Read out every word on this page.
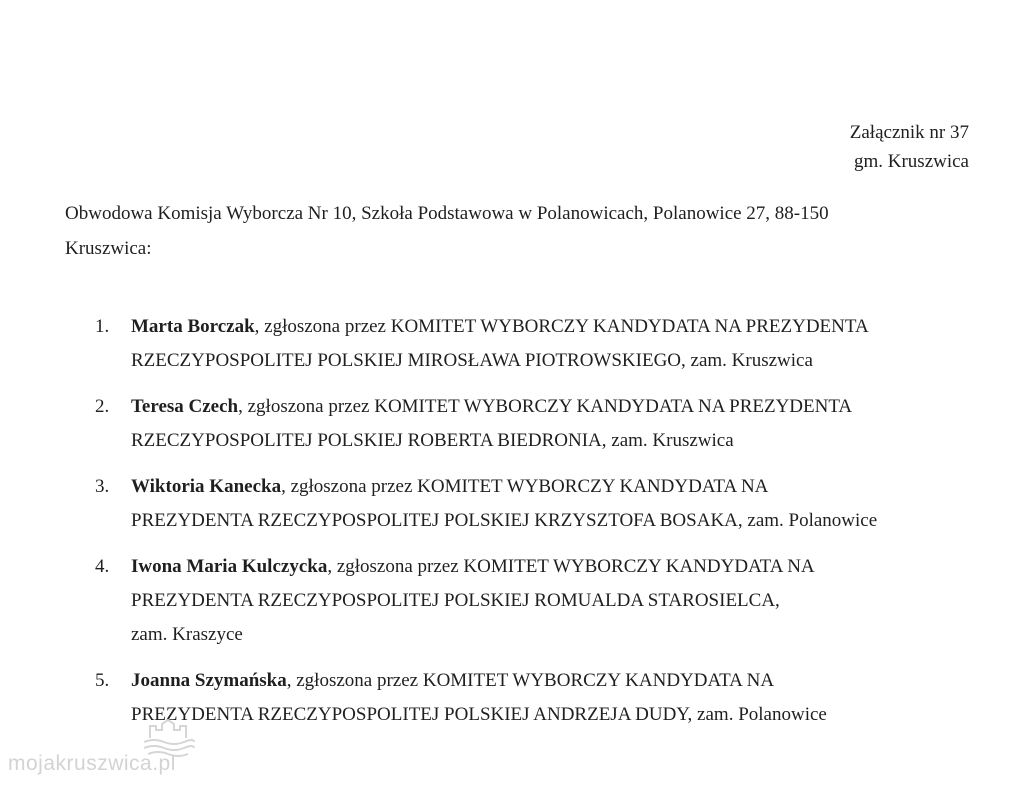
Załącznik nr 37
gm. Kruszwica
Obwodowa Komisja Wyborcza Nr 10, Szkoła Podstawowa w Polanowicach, Polanowice 27, 88-150
Kruszwica:
1.	Marta Borczak, zgłoszona przez KOMITET WYBORCZY KANDYDATA NA PREZYDENTA
RZECZYPOSPOLITEJ POLSKIEJ MIROSŁAWA PIOTROWSKIEGO, zam. Kruszwica
2.	Teresa Czech, zgłoszona przez KOMITET WYBORCZY KANDYDATA NA PREZYDENTA
RZECZYPOSPOLITEJ POLSKIEJ ROBERTA BIEDRONIA, zam. Kruszwica
3.	Wiktoria Kanecka, zgłoszona przez KOMITET WYBORCZY KANDYDATA NA
PREZYDENTA RZECZYPOSPOLITEJ POLSKIEJ KRZYSZTOFA BOSAKA, zam. Polanowice
4.	Iwona Maria Kulczycka, zgłoszona przez KOMITET WYBORCZY KANDYDATA NA
PREZYDENTA RZECZYPOSPOLITEJ POLSKIEJ ROMUALDA STAROSIELCA,
zam. Kraszyce
5.	Joanna Szymańska, zgłoszona przez KOMITET WYBORCZY KANDYDATA NA
PREZYDENTA RZECZYPOSPOLITEJ POLSKIEJ ANDRZEJA DUDY, zam. Polanowice
mojakruszwica.pl
